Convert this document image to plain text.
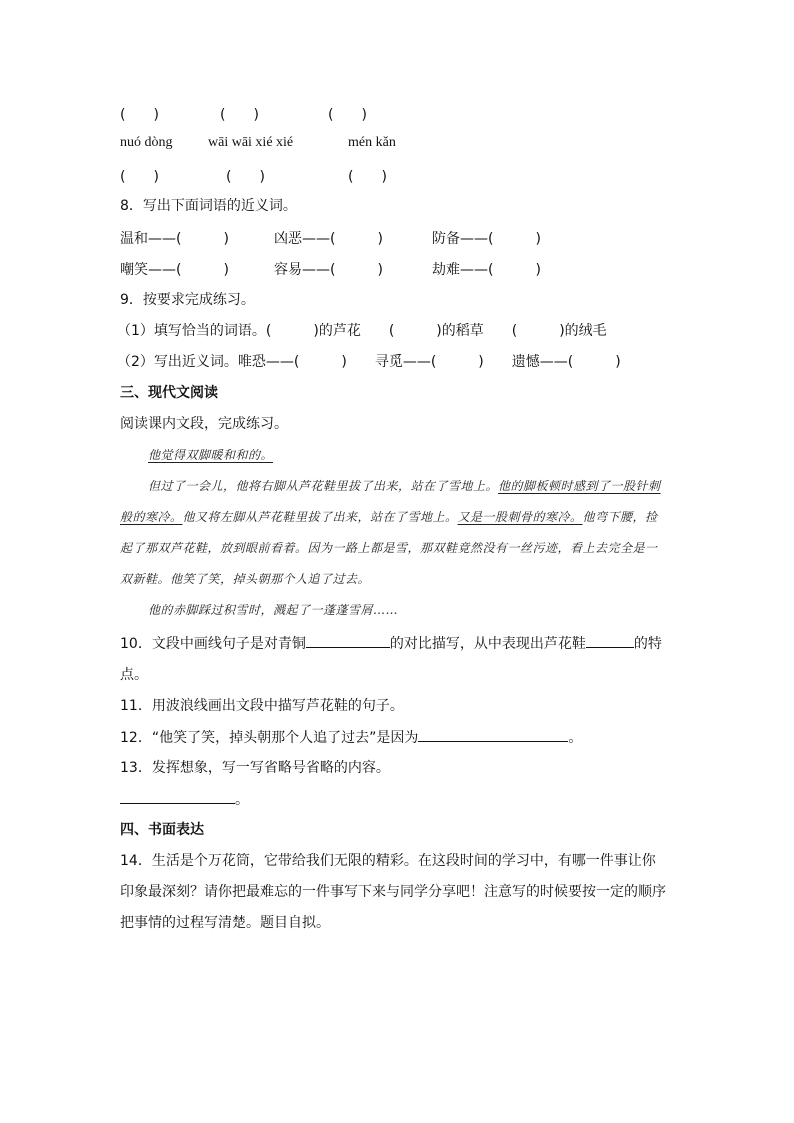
(　　)	(　　)	(　　)
nuó dòng	wāi wāi xié xié	mén kǎn
(　　)	(　　)	(　　)
8．写出下面词语的近义词。
温和——(　　　)	凶恶——(　　　)	防备——(　　　)
嘲笑——(　　　)	容易——(　　　)	劫难——(　　　)
9．按要求完成练习。
（1）填写恰当的词语。(　　　)的芦花　　(　　　)的稻草　　(　　　)的绒毛
（2）写出近义词。唯恐——(　　　)　　寻觅——(　　　)　　遗憾——(　　　)
三、现代文阅读
阅读课内文段，完成练习。

他觉得双脚暖和和的。

但过了一会儿，他将右脚从芦花鞋里拔了出来，站在了雪地上。他的脚板顿时感到了一股针刺般的寒冷。他又将左脚从芦花鞋里拔了出来，站在了雪地上。又是一股刺骨的寒冷。他弯下腰，捡起了那双芦花鞋，放到眼前看着。因为一路上都是雪，那双鞋竟然没有一丝污迹，看上去完全是一双新鞋。他笑了笑，掉头朝那个人追了过去。

他的赤脚踩过积雪时，溅起了一蓬蓬雪屑……

10．文段中画线句子是对青铜	的对比描写，从中表现出芦花鞋	的特
点。
11．用波浪线画出文段中描写芦花鞋的句子。
12．“他笑了笑，掉头朝那个人追了过去”是因为	。
13．发挥想象，写一写省略号省略的内容。
。
四、书面表达
14．生活是个万花筒，它带给我们无限的精彩。在这段时间的学习中，有哪一件事让你印象最深刻？请你把最难忘的一件事写下来与同学分享吧！注意写的时候要按一定的顺序把事情的过程写清楚。题目自拟。
